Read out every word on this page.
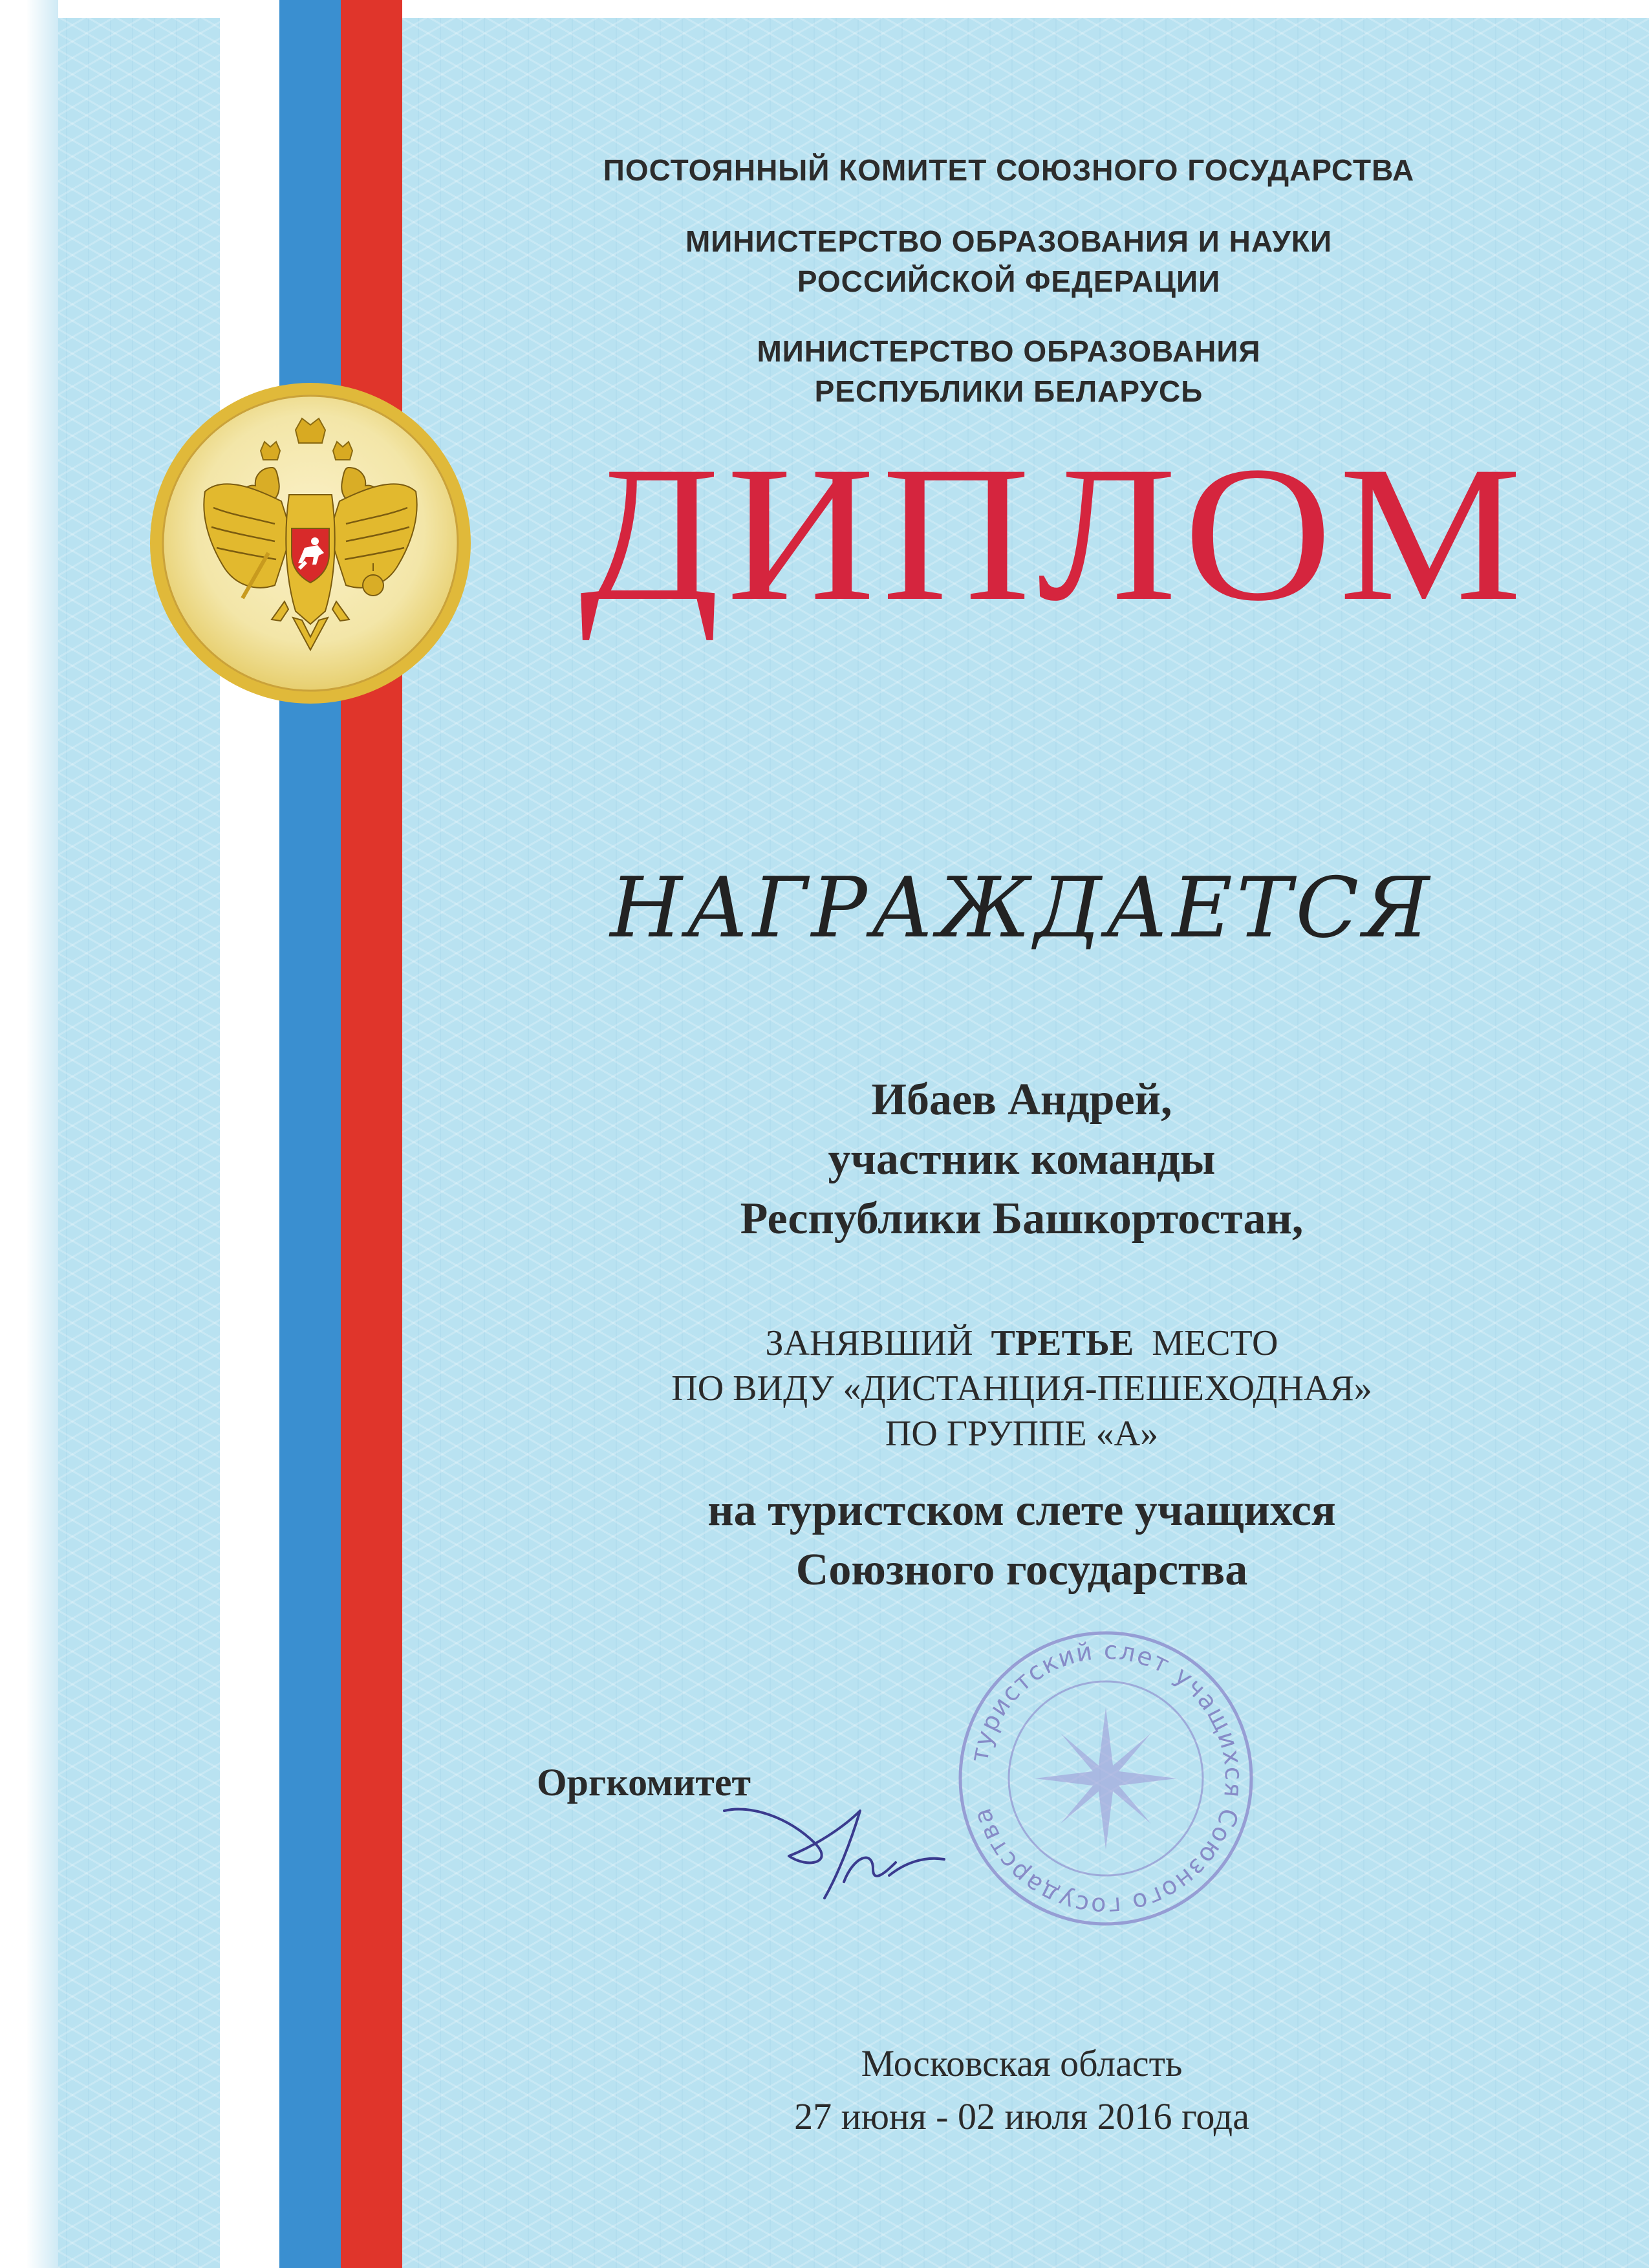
ПОСТОЯННЫЙ КОМИТЕТ СОЮЗНОГО ГОСУДАРСТВА
МИНИСТЕРСТВО ОБРАЗОВАНИЯ И НАУКИ
РОССИЙСКОЙ ФЕДЕРАЦИИ
МИНИСТЕРСТВО ОБРАЗОВАНИЯ
РЕСПУБЛИКИ БЕЛАРУСЬ
ДИПЛОМ
НАГРАЖДАЕТСЯ
Ибаев Андрей,
участник команды
Республики Башкортостан,
ЗАНЯВШИЙ ТРЕТЬЕ МЕСТО
ПО ВИДУ «ДИСТАНЦИЯ-ПЕШЕХОДНАЯ»
ПО ГРУППЕ «А»
на туристском слете учащихся
Союзного государства
туристский слет учащихся Союзного государства
Оргкомитет
Московская область
27 июня - 02 июля 2016 года
